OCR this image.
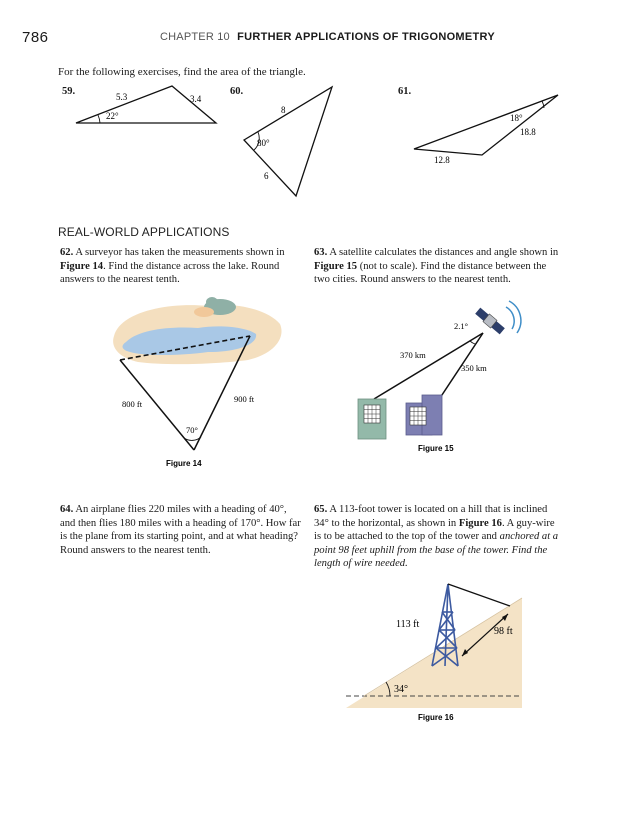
786	CHAPTER 10 FURTHER APPLICATIONS OF TRIGONOMETRY
For the following exercises, find the area of the triangle.
59.	5.3	3.4
22°
60.
8
6
80°
61.
18°
18.8
12.8
REAL-WORLD APPLICATIONS
62. A surveyor has taken the measurements shown in Figure 14. Find the distance across the lake. Round answers to the nearest tenth.
63. A satellite calculates the distances and angle shown in Figure 15 (not to scale). Find the distance between the two cities. Round answers to the nearest tenth.
800 ft	900 ft
70°
Figure 14
2.1°
370 km
350 km
Figure 15
64. An airplane flies 220 miles with a heading of 40°, and then flies 180 miles with a heading of 170°. How far is the plane from its starting point, and at what heading? Round answers to the nearest tenth.
65. A 113-foot tower is located on a hill that is inclined 34° to the horizontal, as shown in Figure 16. A guy-wire is to be attached to the top of the tower and anchored at a point 98 feet uphill from the base of the tower. Find the length of wire needed.
34°
113 ft
98 ft
Figure 16
